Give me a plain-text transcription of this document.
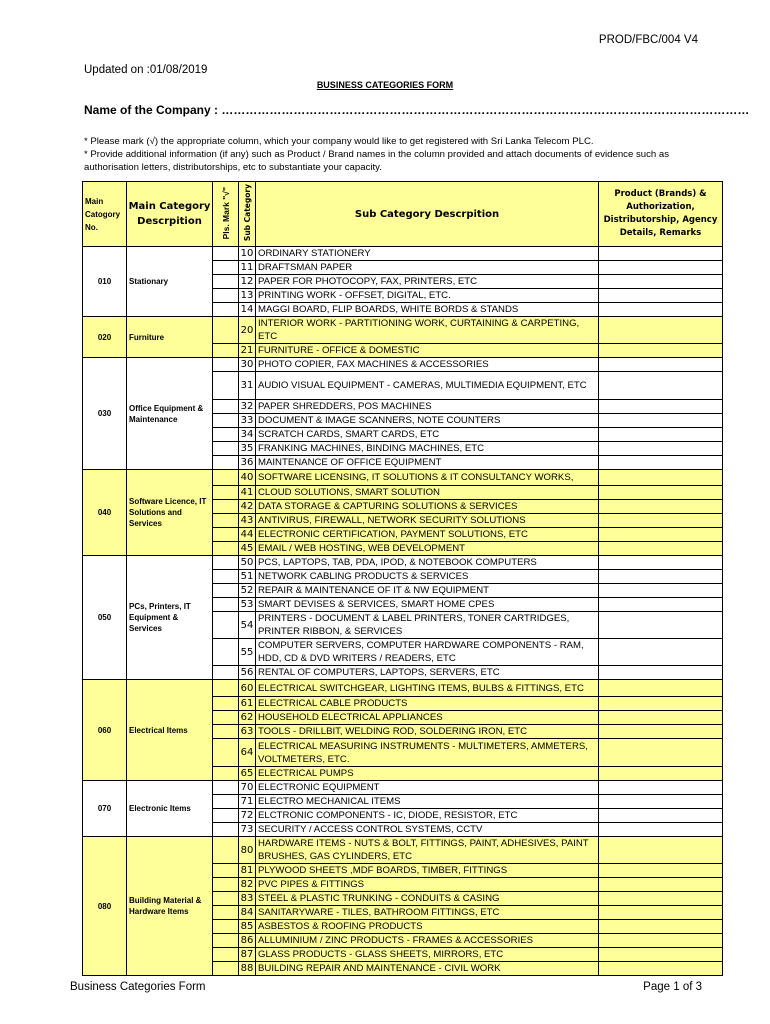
PROD/FBC/004 V4
Updated on :01/08/2019
BUSINESS CATEGORIES FORM
Name of the Company : ……………………………………………………………………………………………………………………
* Please mark (√) the appropriate column, which your company would like to get registered with Sri Lanka Telecom PLC.
* Provide additional information (if any) such as Product / Brand names in the column provided and attach documents of evidence such as authorisation letters, distributorships, etc to substantiate your capacity.
Main Catogory No.	Main Category Descrpition	Pls. Mark "√"	Sub Category	Sub Category Descrpition	Product (Brands) & Authorization, Distributorship, Agency Details, Remarks
010	Stationary		10	ORDINARY STATIONERY	
			11	DRAFTSMAN PAPER	
			12	PAPER FOR PHOTOCOPY, FAX, PRINTERS, ETC	
			13	PRINTING WORK - OFFSET, DIGITAL, ETC.	
			14	MAGGI BOARD, FLIP BOARDS, WHITE BORDS & STANDS	
020	Furniture		20	INTERIOR WORK - PARTITIONING WORK, CURTAINING & CARPETING, ETC	
			21	FURNITURE - OFFICE & DOMESTIC	
030	Office Equipment & Maintenance		30	PHOTO COPIER, FAX MACHINES & ACCESSORIES	
			31	AUDIO VISUAL EQUIPMENT - CAMERAS, MULTIMEDIA EQUIPMENT, ETC	
			32	PAPER SHREDDERS, POS MACHINES	
			33	DOCUMENT & IMAGE SCANNERS, NOTE COUNTERS	
			34	SCRATCH CARDS, SMART CARDS, ETC	
			35	FRANKING MACHINES, BINDING MACHINES, ETC	
			36	MAINTENANCE OF OFFICE EQUIPMENT	
040	Software Licence, IT Solutions and Services		40	SOFTWARE LICENSING, IT SOLUTIONS & IT CONSULTANCY WORKS,	
			41	CLOUD SOLUTIONS, SMART SOLUTION	
			42	DATA STORAGE & CAPTURING SOLUTIONS & SERVICES	
			43	ANTIVIRUS, FIREWALL, NETWORK SECURITY SOLUTIONS	
			44	ELECTRONIC CERTIFICATION, PAYMENT SOLUTIONS, ETC	
			45	EMAIL / WEB HOSTING, WEB DEVELOPMENT	
050	PCs, Printers, IT Equipment & Services		50	PCS, LAPTOPS, TAB, PDA, IPOD, & NOTEBOOK COMPUTERS	
			51	NETWORK CABLING PRODUCTS & SERVICES	
			52	REPAIR & MAINTENANCE OF IT & NW EQUIPMENT	
			53	SMART DEVISES & SERVICES, SMART HOME CPES	
			54	PRINTERS - DOCUMENT & LABEL PRINTERS, TONER CARTRIDGES, PRINTER RIBBON, & SERVICES	
			55	COMPUTER SERVERS, COMPUTER HARDWARE COMPONENTS - RAM, HDD, CD & DVD WRITERS / READERS, ETC	
			56	RENTAL OF COMPUTERS, LAPTOPS, SERVERS, ETC	
060	Electrical Items		60	ELECTRICAL SWITCHGEAR, LIGHTING ITEMS, BULBS & FITTINGS, ETC	
			61	ELECTRICAL CABLE PRODUCTS	
			62	HOUSEHOLD ELECTRICAL APPLIANCES	
			63	TOOLS - DRILLBIT, WELDING ROD, SOLDERING IRON, ETC	
			64	ELECTRICAL MEASURING INSTRUMENTS - MULTIMETERS, AMMETERS, VOLTMETERS, ETC.	
			65	ELECTRICAL PUMPS	
070	Electronic Items		70	ELECTRONIC EQUIPMENT	
			71	ELECTRO MECHANICAL ITEMS	
			72	ELCTRONIC COMPONENTS - IC, DIODE, RESISTOR, ETC	
			73	SECURITY / ACCESS CONTROL SYSTEMS, CCTV	
080	Building Material & Hardware Items		80	HARDWARE ITEMS - NUTS & BOLT, FITTINGS, PAINT, ADHESIVES, PAINT BRUSHES, GAS CYLINDERS, ETC	
			81	PLYWOOD SHEETS ,MDF BOARDS, TIMBER, FITTINGS	
			82	PVC PIPES & FITTINGS	
			83	STEEL & PLASTIC TRUNKING - CONDUITS & CASING	
			84	SANITARYWARE - TILES, BATHROOM FITTINGS, ETC	
			85	ASBESTOS & ROOFING PRODUCTS	
			86	ALLUMINIUM / ZINC PRODUCTS - FRAMES & ACCESSORIES	
			87	GLASS PRODUCTS - GLASS SHEETS, MIRRORS, ETC	
			88	BUILDING REPAIR AND MAINTENANCE - CIVIL WORK	
Business Categories Form	Page 1 of 3
